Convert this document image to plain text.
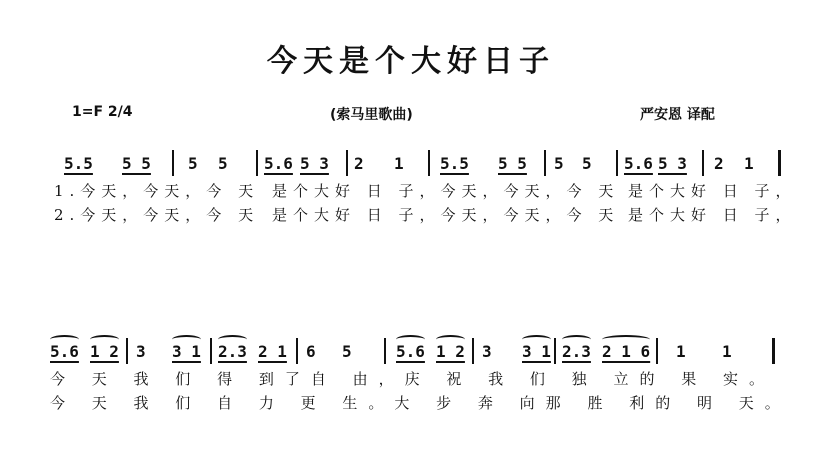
今天是个大好日子
1=F 2/4	(索马里歌曲)	严安恩 译配
5.5 5 5 5 5 5.6 5 3 2 1 5.5 5 5 5 5 5.6 5 3 2 1
1.今天，今天，今 天 是个大好 日 子，今天，今天，今 天 是个大好 日 子，
2.今天，今天，今 天 是个大好 日 子，今天，今天，今 天 是个大好 日 子，
5.6 1 2 3 3 1 2.3 2 1 6 5	5.6 1 2 3 3 1 2.3 2 1 6 1 1
今 天 我 们 得 到了自 由，庆 祝 我 们 独 立的 果 实。
今 天 我 们 自 力 更 生。大 步 奔 向那 胜 利的 明 天。
